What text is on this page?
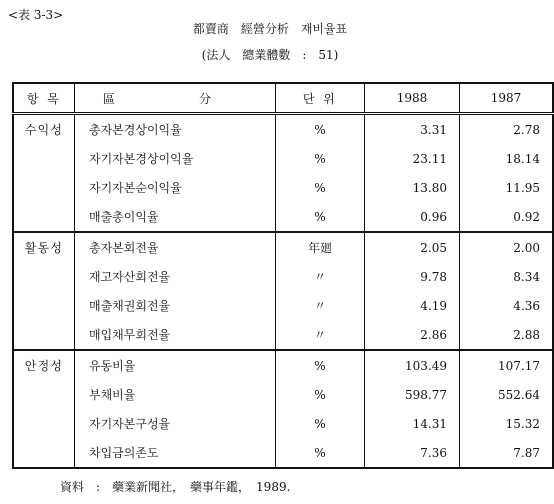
<表 3-3>
都賣商　經營分析　재비율표
(法人　總業體數　:　51)
항 목	區　分	단 위	1988	1987
수익성	총자본경상이익율	%	3.31	2.78
	자기자본경상이익율	%	23.11	18.14
	자기자본순이익율	%	13.80	11.95
	매출총이익율	%	0.96	0.92
활동성	총자본회전율	年廻	2.05	2.00
	재고자산회전율	〃	9.78	8.34
	매출채권회전율	〃	4.19	4.36
	매입채무회전율	〃	2.86	2.88
안정성	유동비율	%	103.49	107.17
	부채비율	%	598.77	552.64
	자기자본구성율	%	14.31	15.32
	차입금의존도	%	7.36	7.87
資料　:　藥業新聞社，　藥事年鑑，　1989.
